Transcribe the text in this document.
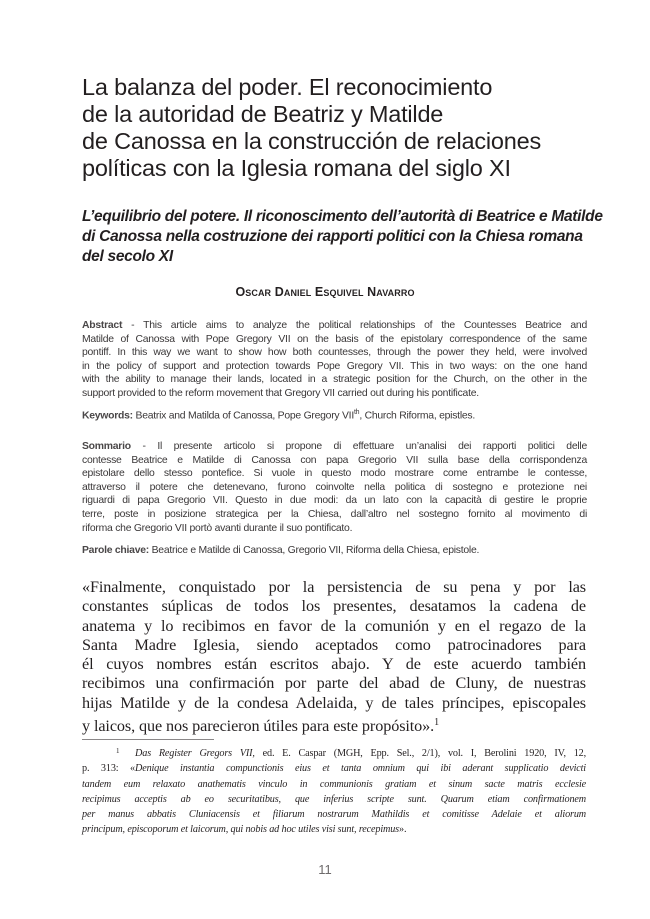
La balanza del poder. El reconocimiento
de la autoridad de Beatriz y Matilde
de Canossa en la construcción de relaciones
políticas con la Iglesia romana del siglo XI
L’equilibrio del potere. Il riconoscimento dell’autorità di Beatrice e Matilde
di Canossa nella costruzione dei rapporti politici con la Chiesa romana
del secolo XI
Oscar Daniel Esquivel Navarro
Abstract - This article aims to analyze the political relationships of the Countesses Beatrice and
Matilde of Canossa with Pope Gregory VII on the basis of the epistolary correspondence of the same
pontiff. In this way we want to show how both countesses, through the power they held, were involved
in the policy of support and protection towards Pope Gregory VII. This in two ways: on the one hand
with the ability to manage their lands, located in a strategic position for the Church, on the other in the
support provided to the reform movement that Gregory VII carried out during his pontificate.
Keywords: Beatrix and Matilda of Canossa, Pope Gregory VIIth, Church Riforma, epistles.
Sommario - Il presente articolo si propone di effettuare un’analisi dei rapporti politici delle
contesse Beatrice e Matilde di Canossa con papa Gregorio VII sulla base della corrispondenza
epistolare dello stesso pontefice. Si vuole in questo modo mostrare come entrambe le contesse,
attraverso il potere che detenevano, furono coinvolte nella politica di sostegno e protezione nei
riguardi di papa Gregorio VII. Questo in due modi: da un lato con la capacità di gestire le proprie
terre, poste in posizione strategica per la Chiesa, dall’altro nel sostegno fornito al movimento di
riforma che Gregorio VII portò avanti durante il suo pontificato.
Parole chiave: Beatrice e Matilde di Canossa, Gregorio VII, Riforma della Chiesa, epistole.
«Finalmente, conquistado por la persistencia de su pena y por las
constantes súplicas de todos los presentes, desatamos la cadena de
anatema y lo recibimos en favor de la comunión y en el regazo de la
Santa Madre Iglesia, siendo aceptados como patrocinadores para
él cuyos nombres están escritos abajo. Y de este acuerdo también
recibimos una confirmación por parte del abad de Cluny, de nuestras
hijas Matilde y de la condesa Adelaida, y de tales príncipes, episcopales
y laicos, que nos parecieron útiles para este propósito».$^1$
$^1$ Das Register Gregors VII, ed. E. Caspar (MGH, Epp. Sel., 2/1), vol. I, Berolini 1920, IV, 12,
p. 313: «Denique instantia compunctionis eius et tanta omnium qui ibi aderant supplicatio devicti
tandem eum relaxato anathematis vinculo in communionis gratiam et sinum sacte matris ecclesie
recipimus acceptis ab eo securitatibus, que inferius scripte sunt. Quarum etiam confirmationem
per manus abbatis Cluniacensis et filiarum nostrarum Mathildis et comitisse Adelaie et aliorum
principum, episcoporum et laicorum, qui nobis ad hoc utiles visi sunt, recepimus».
11
